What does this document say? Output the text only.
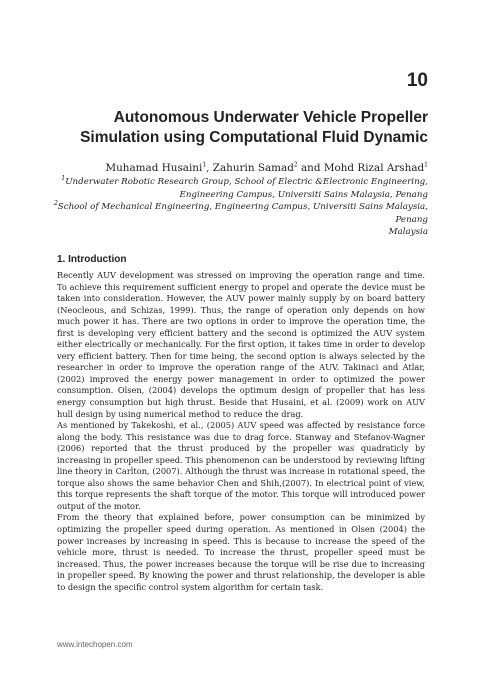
10
Autonomous Underwater Vehicle Propeller
Simulation using Computational Fluid Dynamic
Muhamad Husaini$^1$, Zahurin Samad$^2$ and Mohd Rizal Arshad$^1$
$^1$Underwater Robotic Research Group, School of Electric &Electronic Engineering,
Engineering Campus, Universiti Sains Malaysia, Penang
$^2$School of Mechanical Engineering, Engineering Campus, Universiti Sains Malaysia,
Penang
Malaysia
1. Introduction

Recently AUV development was stressed on improving the operation range and time. To achieve this requirement sufficient energy to propel and operate the device must be taken into consideration. However, the AUV power mainly supply by on board battery (Neocleous, and Schizas, 1999). Thus, the range of operation only depends on how much power it has. There are two options in order to improve the operation time, the first is developing very efficient battery and the second is optimized the AUV system either electrically or mechanically. For the first option, it takes time in order to develop very efficient battery. Then for time being, the second option is always selected by the researcher in order to improve the operation range of the AUV. Takinaci and Atlar, (2002) improved the energy power management in order to optimized the power consumption. Olsen, (2004) develops the optimum design of propeller that has less energy consumption but high thrust. Beside that Husaini, et al. (2009) work on AUV hull design by using numerical method to reduce the drag.

As mentioned by Takekoshi, et al., (2005) AUV speed was affected by resistance force along the body. This resistance was due to drag force. Stanway and Stefanov-Wagner (2006) reported that the thrust produced by the propeller was quadraticly by increasing in propeller speed. This phenomenon can be understood by reviewing lifting line theory in Carlton, (2007). Although the thrust was increase in rotational speed, the torque also shows the same behavior Chen and Shih,(2007). In electrical point of view, this torque represents the shaft torque of the motor. This torque will introduced power output of the motor.

From the theory that explained before, power consumption can be minimized by optimizing the propeller speed during operation. As mentioned in Olsen (2004) the power increases by increasing in speed. This is because to increase the speed of the vehicle more, thrust is needed. To increase the thrust, propeller speed must be increased. Thus, the power increases because the torque will be rise due to increasing in propeller speed. By knowing the power and thrust relationship, the developer is able to design the specific control system algorithm for certain task.

www.intechopen.com
